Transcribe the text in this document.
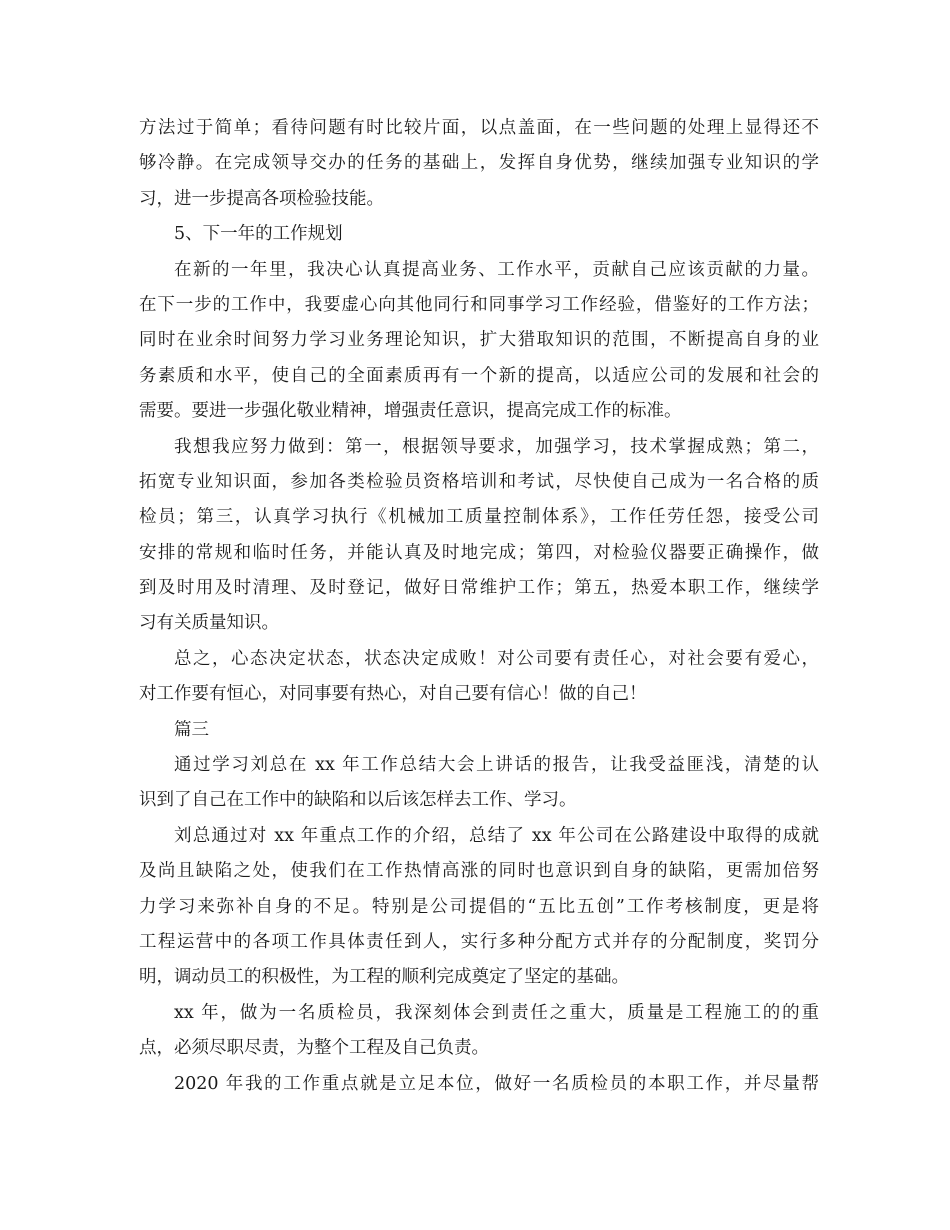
方法过于简单；看待问题有时比较片面，以点盖面，在一些问题的处理上显得还不
够冷静。在完成领导交办的任务的基础上，发挥自身优势，继续加强专业知识的学
习，进一步提高各项检验技能。
5、下一年的工作规划
在新的一年里，我决心认真提高业务、工作水平，贡献自己应该贡献的力量。
在下一步的工作中，我要虚心向其他同行和同事学习工作经验，借鉴好的工作方法；
同时在业余时间努力学习业务理论知识，扩大猎取知识的范围，不断提高自身的业
务素质和水平，使自己的全面素质再有一个新的提高，以适应公司的发展和社会的
需要。要进一步强化敬业精神，增强责任意识，提高完成工作的标准。
我想我应努力做到：第一，根据领导要求，加强学习，技术掌握成熟；第二，
拓宽专业知识面，参加各类检验员资格培训和考试，尽快使自己成为一名合格的质
检员；第三，认真学习执行《机械加工质量控制体系》，工作任劳任怨，接受公司
安排的常规和临时任务，并能认真及时地完成；第四，对检验仪器要正确操作，做
到及时用及时清理、及时登记，做好日常维护工作；第五，热爱本职工作，继续学
习有关质量知识。
总之，心态决定状态，状态决定成败！对公司要有责任心，对社会要有爱心，
对工作要有恒心，对同事要有热心，对自己要有信心！做的自己！
篇三
通过学习刘总在 xx 年工作总结大会上讲话的报告，让我受益匪浅，清楚的认
识到了自己在工作中的缺陷和以后该怎样去工作、学习。
刘总通过对 xx 年重点工作的介绍，总结了 xx 年公司在公路建设中取得的成就
及尚且缺陷之处，使我们在工作热情高涨的同时也意识到自身的缺陷，更需加倍努
力学习来弥补自身的不足。特别是公司提倡的“五比五创”工作考核制度，更是将
工程运营中的各项工作具体责任到人，实行多种分配方式并存的分配制度，奖罚分
明，调动员工的积极性，为工程的顺利完成奠定了坚定的基础。
xx 年，做为一名质检员，我深刻体会到责任之重大，质量是工程施工的的重
点，必须尽职尽责，为整个工程及自己负责。
2020 年我的工作重点就是立足本位，做好一名质检员的本职工作，并尽量帮
